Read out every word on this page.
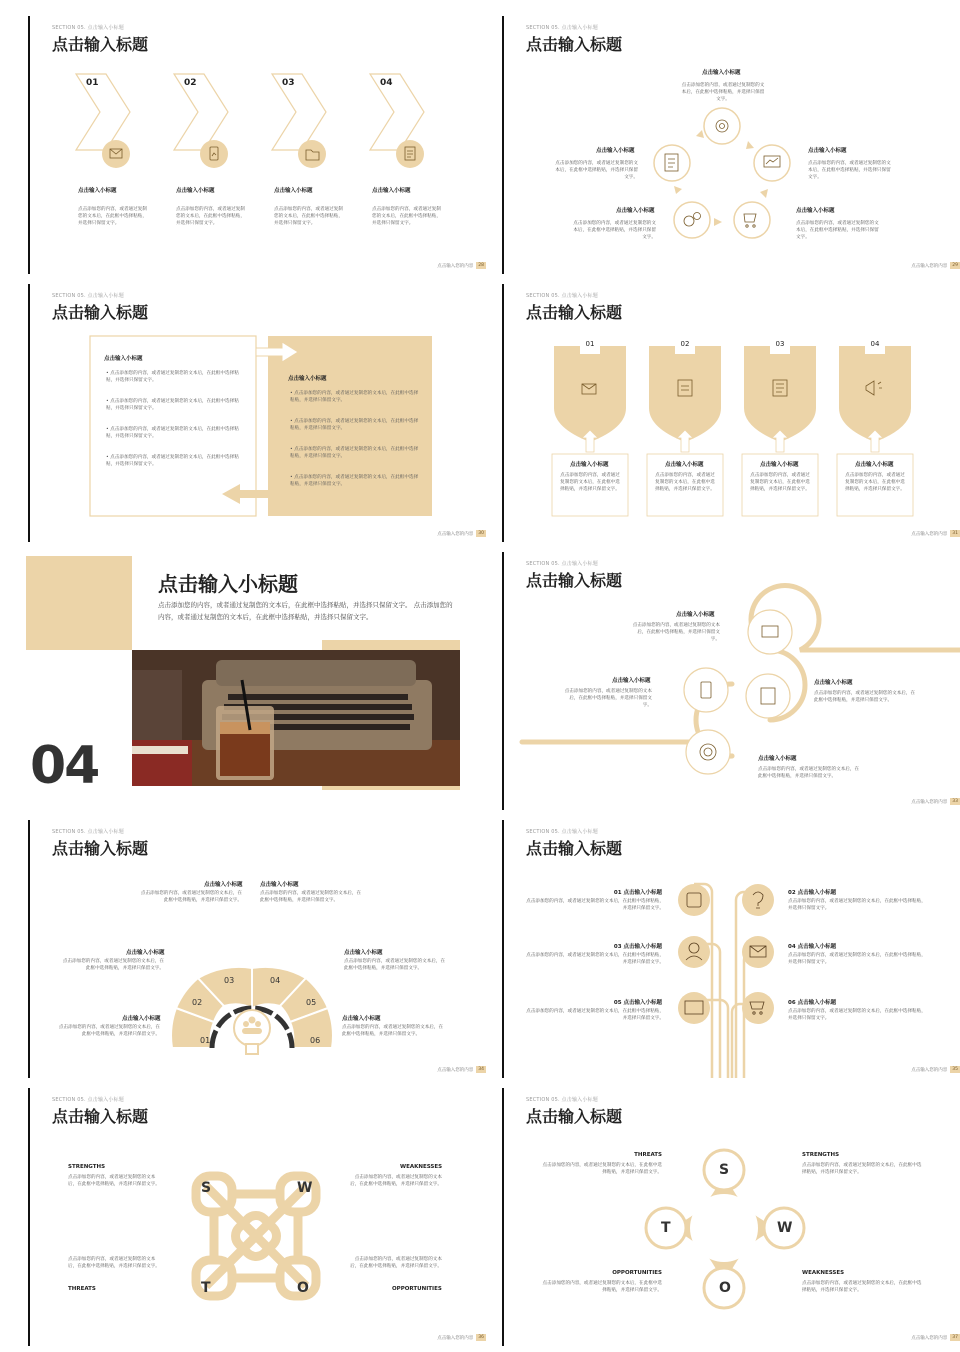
SECTION 05. 点击输入小标题
点击输入标题
01	02	03	04
点击输入小标题	点击输入小标题	点击输入小标题	点击输入小标题
点击添加您的内容，或者通过复制您的文本后，在此框中选择粘贴，并选择只保留文字。
点击添加您的内容，或者通过复制您的文本后，在此框中选择粘贴，并选择只保留文字。
点击添加您的内容，或者通过复制您的文本后，在此框中选择粘贴，并选择只保留文字。
点击添加您的内容，或者通过复制您的文本后，在此框中选择粘贴，并选择只保留文字。
点击输入您的内容	28
SECTION 05. 点击输入小标题
点击输入标题
点击输入小标题
点击添加您的内容，或者通过复制您的文本后，在此框中选择粘贴，并选择只保留文字。
点击输入小标题
点击添加您的内容，或者通过复制您的文本后，在此框中选择粘贴，并选择只保留文字。
点击输入小标题
点击添加您的内容，或者通过复制您的文本后，在此框中选择粘贴，并选择只保留文字。
点击输入小标题
点击添加您的内容，或者通过复制您的文本后，在此框中选择粘贴，并选择只保留文字。
点击输入小标题
点击添加您的内容，或者通过复制您的文本后，在此框中选择粘贴，并选择只保留文字。
点击输入您的内容	29
SECTION 05. 点击输入小标题
点击输入标题
点击输入小标题
• 点击添加您的内容，或者通过复制您的文本后，在此框中选择粘贴，并选择只保留文字。
• 点击添加您的内容，或者通过复制您的文本后，在此框中选择粘贴，并选择只保留文字。
• 点击添加您的内容，或者通过复制您的文本后，在此框中选择粘贴，并选择只保留文字。
• 点击添加您的内容，或者通过复制您的文本后，在此框中选择粘贴，并选择只保留文字。
点击输入小标题
• 点击添加您的内容，或者通过复制您的文本后，在此框中选择粘贴，并选择只保留文字。
• 点击添加您的内容，或者通过复制您的文本后，在此框中选择粘贴，并选择只保留文字。
• 点击添加您的内容，或者通过复制您的文本后，在此框中选择粘贴，并选择只保留文字。
• 点击添加您的内容，或者通过复制您的文本后，在此框中选择粘贴，并选择只保留文字。
点击输入您的内容	30
SECTION 05. 点击输入小标题
点击输入标题
01	02	03	04
点击输入小标题	点击输入小标题	点击输入小标题	点击输入小标题
点击添加您的内容，或者通过复制您的文本后，在此框中选择粘贴，并选择只保留文字。
点击添加您的内容，或者通过复制您的文本后，在此框中选择粘贴，并选择只保留文字。
点击添加您的内容，或者通过复制您的文本后，在此框中选择粘贴，并选择只保留文字。
点击添加您的内容，或者通过复制您的文本后，在此框中选择粘贴，并选择只保留文字。
点击输入您的内容	31
点击输入小标题
点击添加您的内容，或者通过复制您的文本后，在此框中选择粘贴，并选择只保留文字。 点击添加您的内容，或者通过复制您的文本后，在此框中选择粘贴，并选择只保留文字。
04
SECTION 05. 点击输入小标题
点击输入标题
点击输入小标题
点击添加您的内容，或者通过复制您的文本后，在此框中选择粘贴，并选择只保留文字。
点击输入小标题
点击添加您的内容，或者通过复制您的文本后，在此框中选择粘贴，并选择只保留文字。
点击输入小标题
点击添加您的内容，或者通过复制您的文本后，在此框中选择粘贴，并选择只保留文字。
点击输入小标题
点击添加您的内容，或者通过复制您的文本后，在此框中选择粘贴，并选择只保留文字。
点击输入您的内容	33
SECTION 05. 点击输入小标题
点击输入标题
01
02
03	04
05
06
点击输入小标题
点击添加您的内容，或者通过复制您的文本后，在此框中选择粘贴，并选择只保留文字。
点击输入小标题
点击添加您的内容，或者通过复制您的文本后，在此框中选择粘贴，并选择只保留文字。
点击输入小标题
点击添加您的内容，或者通过复制您的文本后，在此框中选择粘贴，并选择只保留文字。
点击输入小标题
点击添加您的内容，或者通过复制您的文本后，在此框中选择粘贴，并选择只保留文字。
点击输入小标题
点击添加您的内容，或者通过复制您的文本后，在此框中选择粘贴，并选择只保留文字。
点击输入小标题
点击添加您的内容，或者通过复制您的文本后，在此框中选择粘贴，并选择只保留文字。
点击输入您的内容	34
SECTION 05. 点击输入小标题
点击输入标题
01 点击输入小标题
点击添加您的内容，或者通过复制您的文本后，在此框中选择粘贴，并选择只保留文字。
02 点击输入小标题
点击添加您的内容，或者通过复制您的文本后，在此框中选择粘贴，并选择只保留文字。
03 点击输入小标题
点击添加您的内容，或者通过复制您的文本后，在此框中选择粘贴，并选择只保留文字。
04 点击输入小标题
点击添加您的内容，或者通过复制您的文本后，在此框中选择粘贴，并选择只保留文字。
05 点击输入小标题
点击添加您的内容，或者通过复制您的文本后，在此框中选择粘贴，并选择只保留文字。
06 点击输入小标题
点击添加您的内容，或者通过复制您的文本后，在此框中选择粘贴，并选择只保留文字。
点击输入您的内容	35
SECTION 05. 点击输入小标题
点击输入标题
S	W
T	O
STRENGTHS
点击添加您的内容，或者通过复制您的文本后，在此框中选择粘贴，并选择只保留文字。
WEAKNESSES
点击添加您的内容，或者通过复制您的文本后，在此框中选择粘贴，并选择只保留文字。
点击添加您的内容，或者通过复制您的文本后，在此框中选择粘贴，并选择只保留文字。
THREATS
点击添加您的内容，或者通过复制您的文本后，在此框中选择粘贴，并选择只保留文字。
OPPORTUNITIES
点击输入您的内容	36
SECTION 05. 点击输入小标题
点击输入标题
S
T	W
O
THREATS
点击添加您的内容，或者通过复制您的文本后，在此框中选择粘贴，并选择只保留文字。
STRENGTHS
点击添加您的内容，或者通过复制您的文本后，在此框中选择粘贴，并选择只保留文字。
OPPORTUNITIES
点击添加您的内容，或者通过复制您的文本后，在此框中选择粘贴，并选择只保留文字。
WEAKNESSES
点击添加您的内容，或者通过复制您的文本后，在此框中选择粘贴，并选择只保留文字。
点击输入您的内容	37
